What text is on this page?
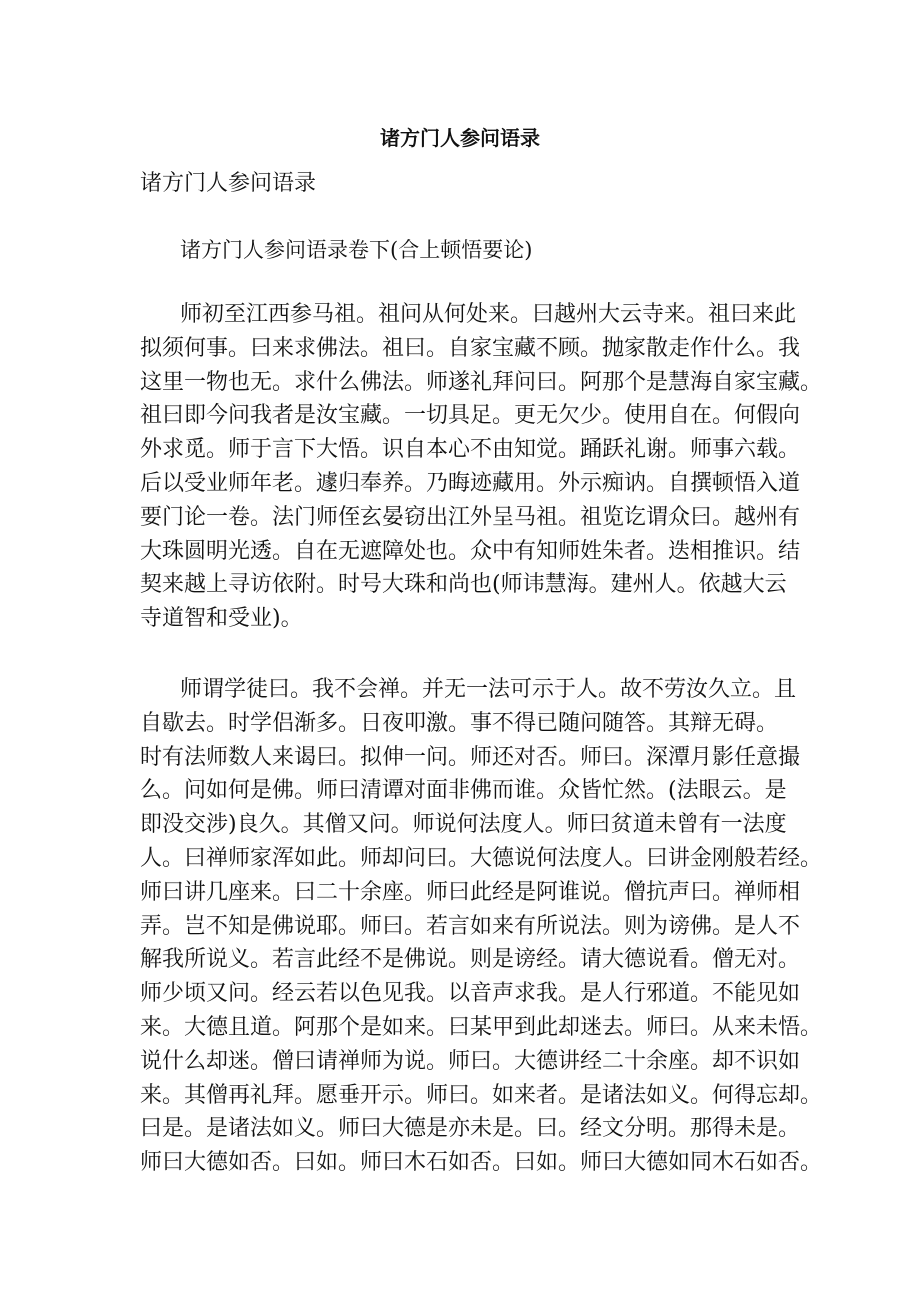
诸方门人参问语录
诸方门人参问语录
诸方门人参问语录卷下(合上顿悟要论)
师初至江西参马祖。祖问从何处来。曰越州大云寺来。祖曰来此
拟须何事。曰来求佛法。祖曰。自家宝藏不顾。抛家散走作什么。我
这里一物也无。求什么佛法。师遂礼拜问曰。阿那个是慧海自家宝藏。
祖曰即今问我者是汝宝藏。一切具足。更无欠少。使用自在。何假向
外求觅。师于言下大悟。识自本心不由知觉。踊跃礼谢。师事六载。
后以受业师年老。遽归奉养。乃晦迹藏用。外示痴讷。自撰顿悟入道
要门论一卷。法门师侄玄晏窃出江外呈马祖。祖览讫谓众曰。越州有
大珠圆明光透。自在无遮障处也。众中有知师姓朱者。迭相推识。结
契来越上寻访依附。时号大珠和尚也(师讳慧海。建州人。依越大云
寺道智和受业)。
师谓学徒曰。我不会禅。并无一法可示于人。故不劳汝久立。且
自歇去。时学侣渐多。日夜叩激。事不得已随问随答。其辩无碍。
时有法师数人来谒曰。拟伸一问。师还对否。师曰。深潭月影任意撮
么。问如何是佛。师曰清谭对面非佛而谁。众皆忙然。(法眼云。是
即没交涉)良久。其僧又问。师说何法度人。师曰贫道未曾有一法度
人。曰禅师家浑如此。师却问曰。大德说何法度人。曰讲金刚般若经。
师曰讲几座来。曰二十余座。师曰此经是阿谁说。僧抗声曰。禅师相
弄。岂不知是佛说耶。师曰。若言如来有所说法。则为谤佛。是人不
解我所说义。若言此经不是佛说。则是谤经。请大德说看。僧无对。
师少顷又问。经云若以色见我。以音声求我。是人行邪道。不能见如
来。大德且道。阿那个是如来。曰某甲到此却迷去。师曰。从来未悟。
说什么却迷。僧曰请禅师为说。师曰。大德讲经二十余座。却不识如
来。其僧再礼拜。愿垂开示。师曰。如来者。是诸法如义。何得忘却。
曰是。是诸法如义。师曰大德是亦未是。曰。经文分明。那得未是。
师曰大德如否。曰如。师曰木石如否。曰如。师曰大德如同木石如否。
